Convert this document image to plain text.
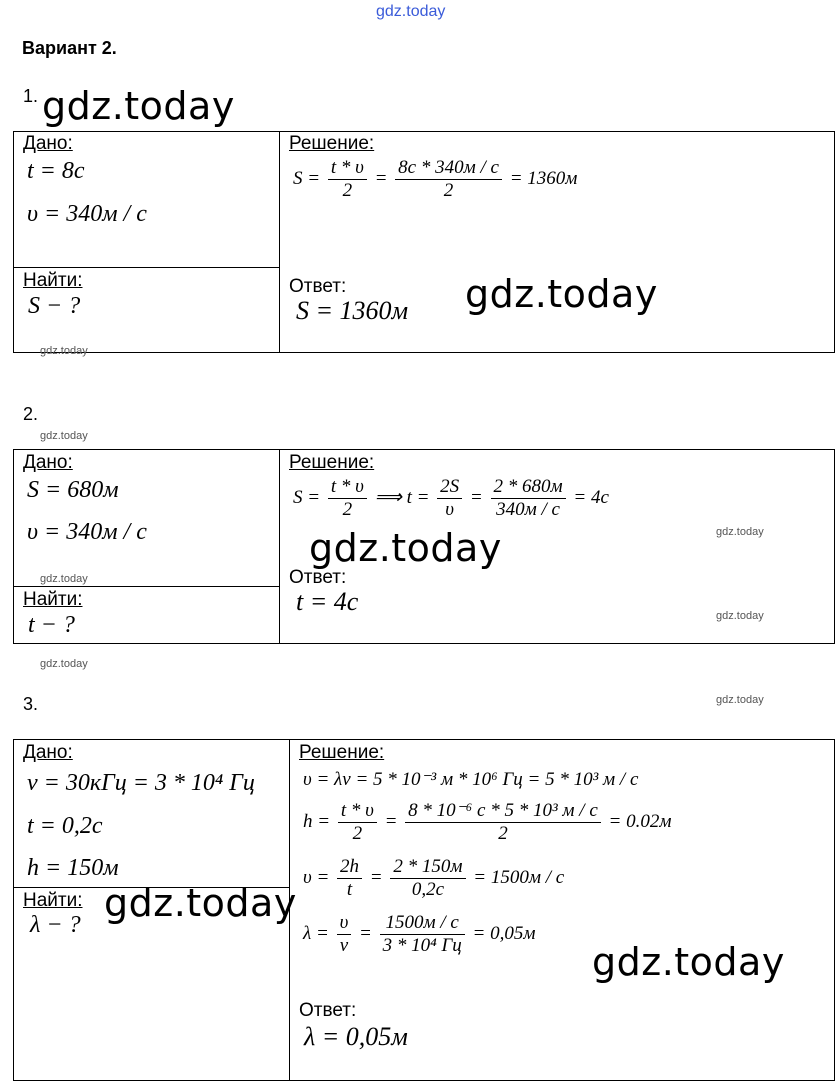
gdz.today
Вариант 2.
1. gdz.today
Дано:
t = 8c
υ = 340м / c
Найти:
S − ?
gdz.today
Решение:
$S = \frac{t * \upsilon}{2} = \frac{8c * 340м / c}{2} = 1360м$
Ответ:
S = 1360м gdz.today
2.
gdz.today
Дано:
S = 680м
υ = 340м / c
gdz.today
Найти:
t − ?
Решение:
$S = \frac{t * \upsilon}{2}$ ⟹ $t = \frac{2S}{\upsilon} = \frac{2 * 680м}{340м / c} = 4c$
gdz.today
gdz.today
Ответ:
t = 4c	gdz.today
gdz.today
3.	gdz.today
Дано:
ν = 30кГц = 3 * 10⁴ Гц
t = 0,2c
h = 150м
Найти:
λ − ? gdz.today
Решение:
υ = λν = 5 * 10⁻³ м * 10⁶ Гц = 5 * 10³ м / c
$h = \frac{t * \upsilon}{2} = \frac{\text{8 * 10⁻⁶ c * 5 * 10³ м / c}}{2} = 0.02м$
$\upsilon = \frac{2h}{t} = \frac{2 * 150м}{0,2c} = 1500м / c$
$\lambda = \frac{\upsilon}{\nu} = \frac{1500м / c}{\text{3 * 10⁴ Гц}} = 0,05м$
gdz.today
Ответ:
λ = 0,05м
